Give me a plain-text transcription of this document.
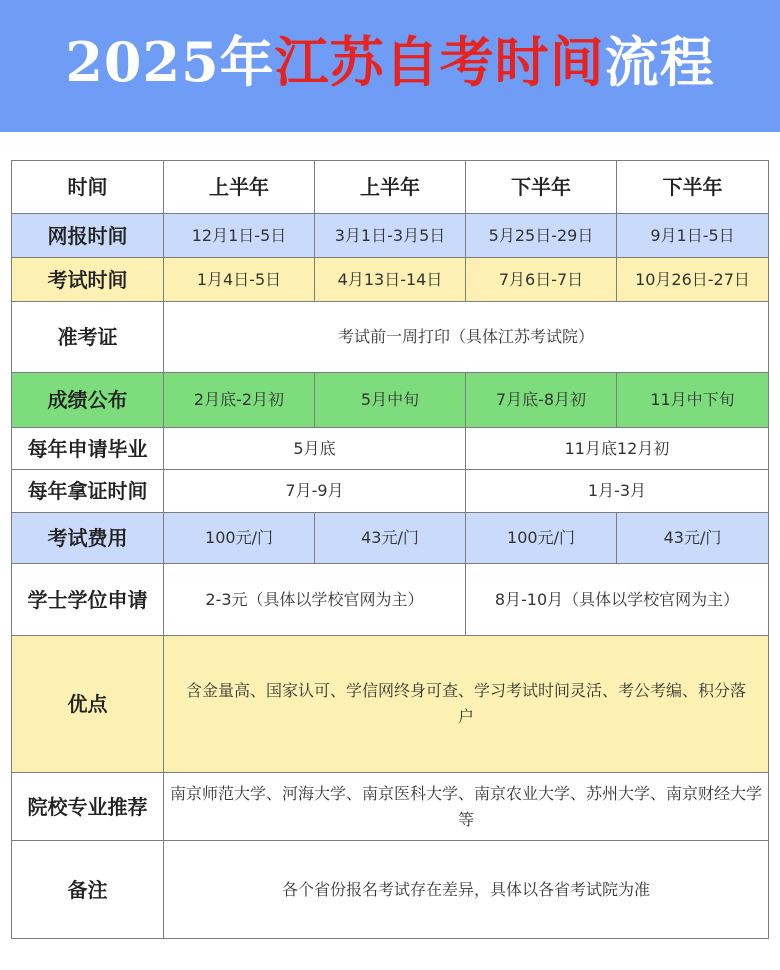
2025年江苏自考时间流程
时间	上半年	上半年	下半年	下半年
网报时间	12月1日-5日	3月1日-3月5日	5月25日-29日	9月1日-5日
考试时间	1月4日-5日	4月13日-14日	7月6日-7日	10月26日-27日
准考证	考试前一周打印（具体江苏考试院）			
成绩公布	2月底-2月初	5月中旬	7月底-8月初	11月中下旬
每年申请毕业	5月底		11月底12月初	
每年拿证时间	7月-9月		1月-3月	
考试费用	100元/门	43元/门	100元/门	43元/门
学士学位申请	2-3元（具体以学校官网为主）		8月-10月（具体以学校官网为主）	
优点	含金量高、国家认可、学信网终身可查、学习考试时间灵活、考公考编、积分落户			
院校专业推荐	南京师范大学、河海大学、南京医科大学、南京农业大学、苏州大学、南京财经大学等			
备注	各个省份报名考试存在差异，具体以各省考试院为准			
